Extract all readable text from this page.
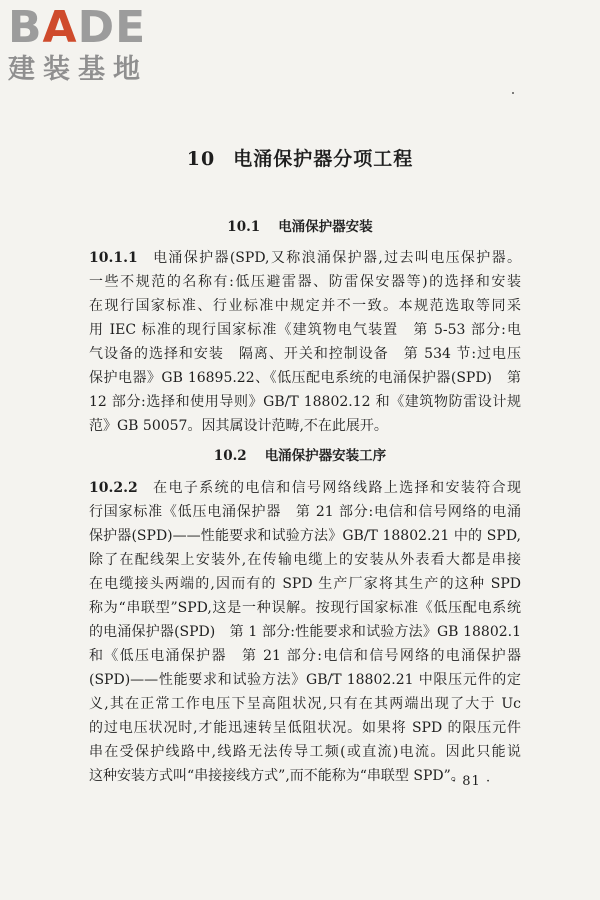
BADE
建装基地
10 电涌保护器分项工程
10.1 电涌保护器安装
10.1.1 电涌保护器(SPD,又称浪涌保护器,过去叫电压保护器。
一些不规范的名称有:低压避雷器、防雷保安器等)的选择和安装
在现行国家标准、行业标准中规定并不一致。本规范选取等同采
用 IEC 标准的现行国家标准《建筑物电气装置　第 5-53 部分:电
气设备的选择和安装　隔离、开关和控制设备　第 534 节:过电压
保护电器》GB 16895.22、《低压配电系统的电涌保护器(SPD)　第
12 部分:选择和使用导则》GB/T 18802.12 和《建筑物防雷设计规
范》GB 50057。因其属设计范畴,不在此展开。
10.2 电涌保护器安装工序
10.2.2 在电子系统的电信和信号网络线路上选择和安装符合现
行国家标准《低压电涌保护器　第 21 部分:电信和信号网络的电涌
保护器(SPD)——性能要求和试验方法》GB/T 18802.21 中的 SPD,
除了在配线架上安装外,在传输电缆上的安装从外表看大都是串接
在电缆接头两端的,因而有的 SPD 生产厂家将其生产的这种 SPD
称为“串联型”SPD,这是一种误解。按现行国家标准《低压配电系统
的电涌保护器(SPD)　第 1 部分:性能要求和试验方法》GB 18802.1
和《低压电涌保护器　第 21 部分:电信和信号网络的电涌保护器
(SPD)——性能要求和试验方法》GB/T 18802.21 中限压元件的定
义,其在正常工作电压下呈高阻状况,只有在其两端出现了大于 Uc
的过电压状况时,才能迅速转呈低阻状况。如果将 SPD 的限压元件
串在受保护线路中,线路无法传导工频(或直流)电流。因此只能说
这种安装方式叫“串接接线方式”,而不能称为“串联型 SPD”。
· 81 ·
